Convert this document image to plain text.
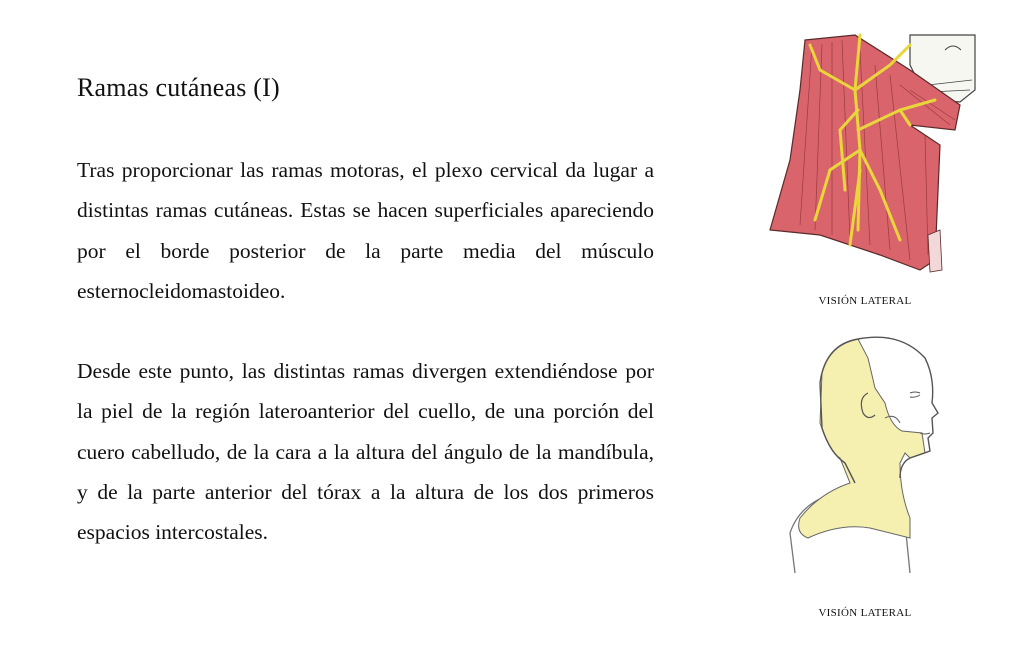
Ramas cutáneas (I)

Tras proporcionar las ramas motoras, el plexo cervical da lugar a distintas ramas cutáneas. Estas se hacen superficiales apareciendo por el borde posterior de la parte media del músculo esternocleidomastoideo.

Desde este punto, las distintas ramas divergen extendiéndose por la piel de la región lateroanterior del cuello, de una porción del cuero cabelludo, de la cara a la altura del ángulo de la mandíbula, y de la parte anterior del tórax a la altura de los dos primeros espacios intercostales.

VISIÓN LATERAL
VISIÓN LATERAL
